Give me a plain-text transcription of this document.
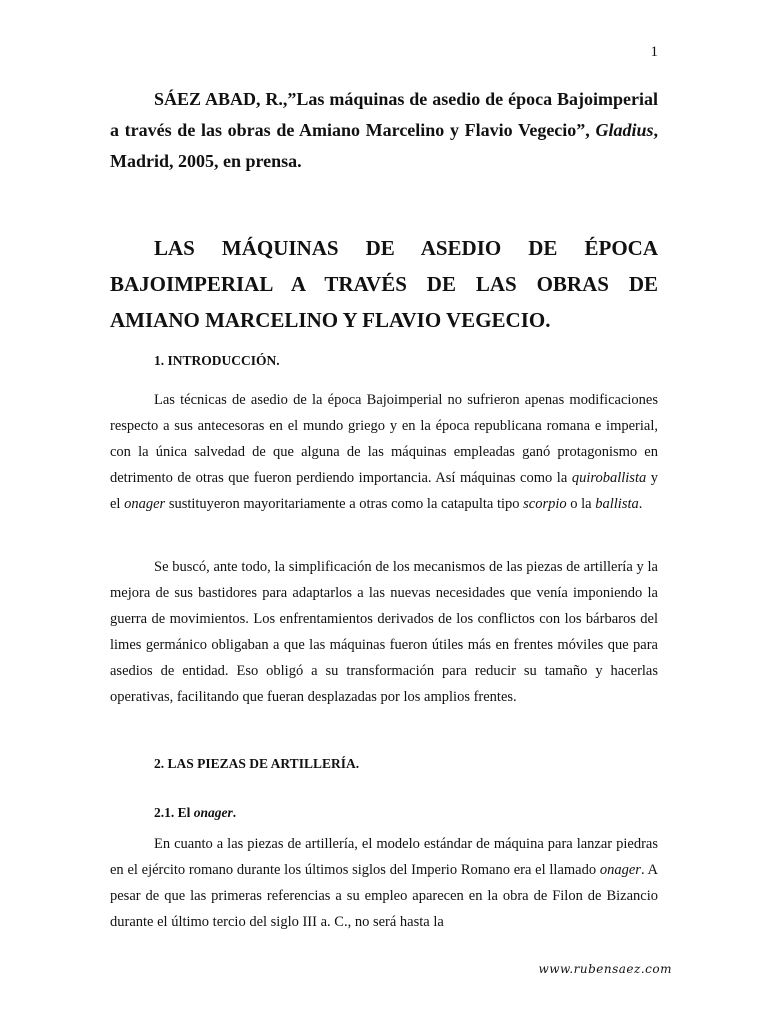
1
SÁEZ ABAD, R.,”Las máquinas de asedio de época Bajoimperial a través de las obras de Amiano Marcelino y Flavio Vegecio”, Gladius, Madrid, 2005, en prensa.
LAS MÁQUINAS DE ASEDIO DE ÉPOCA BAJOIMPERIAL A TRAVÉS DE LAS OBRAS DE AMIANO MARCELINO Y FLAVIO VEGECIO.
1. INTRODUCCIÓN.
Las técnicas de asedio de la época Bajoimperial no sufrieron apenas modificaciones respecto a sus antecesoras en el mundo griego y en la época republicana romana e imperial, con la única salvedad de que alguna de las máquinas empleadas ganó protagonismo en detrimento de otras que fueron perdiendo importancia. Así máquinas como la quiroballista y el onager sustituyeron mayoritariamente a otras como la catapulta tipo scorpio o la ballista.
Se buscó, ante todo, la simplificación de los mecanismos de las piezas de artillería y la mejora de sus bastidores para adaptarlos a las nuevas necesidades que venía imponiendo la guerra de movimientos. Los enfrentamientos derivados de los conflictos con los bárbaros del limes germánico obligaban a que las máquinas fueron útiles más en frentes móviles que para asedios de entidad. Eso obligó a su transformación para reducir su tamaño y hacerlas operativas, facilitando que fueran desplazadas por los amplios frentes.
2. LAS PIEZAS DE ARTILLERÍA.
2.1. El onager.
En cuanto a las piezas de artillería, el modelo estándar de máquina para lanzar piedras en el ejército romano durante los últimos siglos del Imperio Romano era el llamado onager. A pesar de que las primeras referencias a su empleo aparecen en la obra de Filon de Bizancio durante el último tercio del siglo III a. C., no será hasta la
www.rubensaez.com
